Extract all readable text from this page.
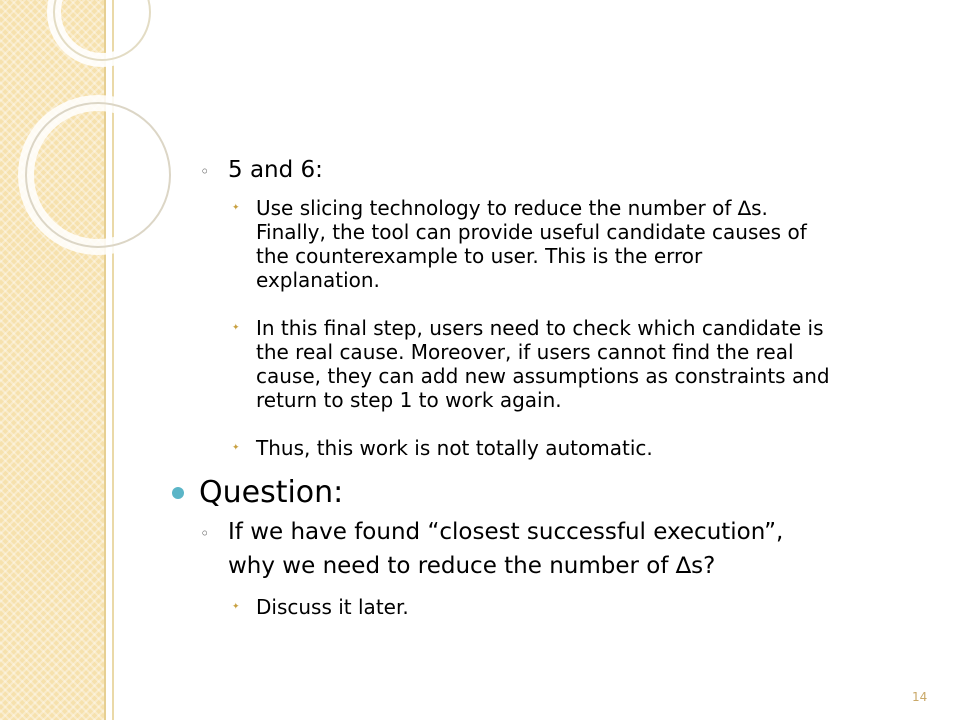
◦ 5 and 6:

✦ Use slicing technology to reduce the number of ∆s.

Finally, the tool can provide useful candidate causes of

the counterexample to user. This is the error

explanation.

✦ In this final step, users need to check which candidate is

the real cause. Moreover, if users cannot find the real

cause, they can add new assumptions as constraints and

return to step 1 to work again.

✦ Thus, this work is not totally automatic.

Question:

◦ If we have found “closest successful execution”,

why we need to reduce the number of ∆s?

✦ Discuss it later.

14
